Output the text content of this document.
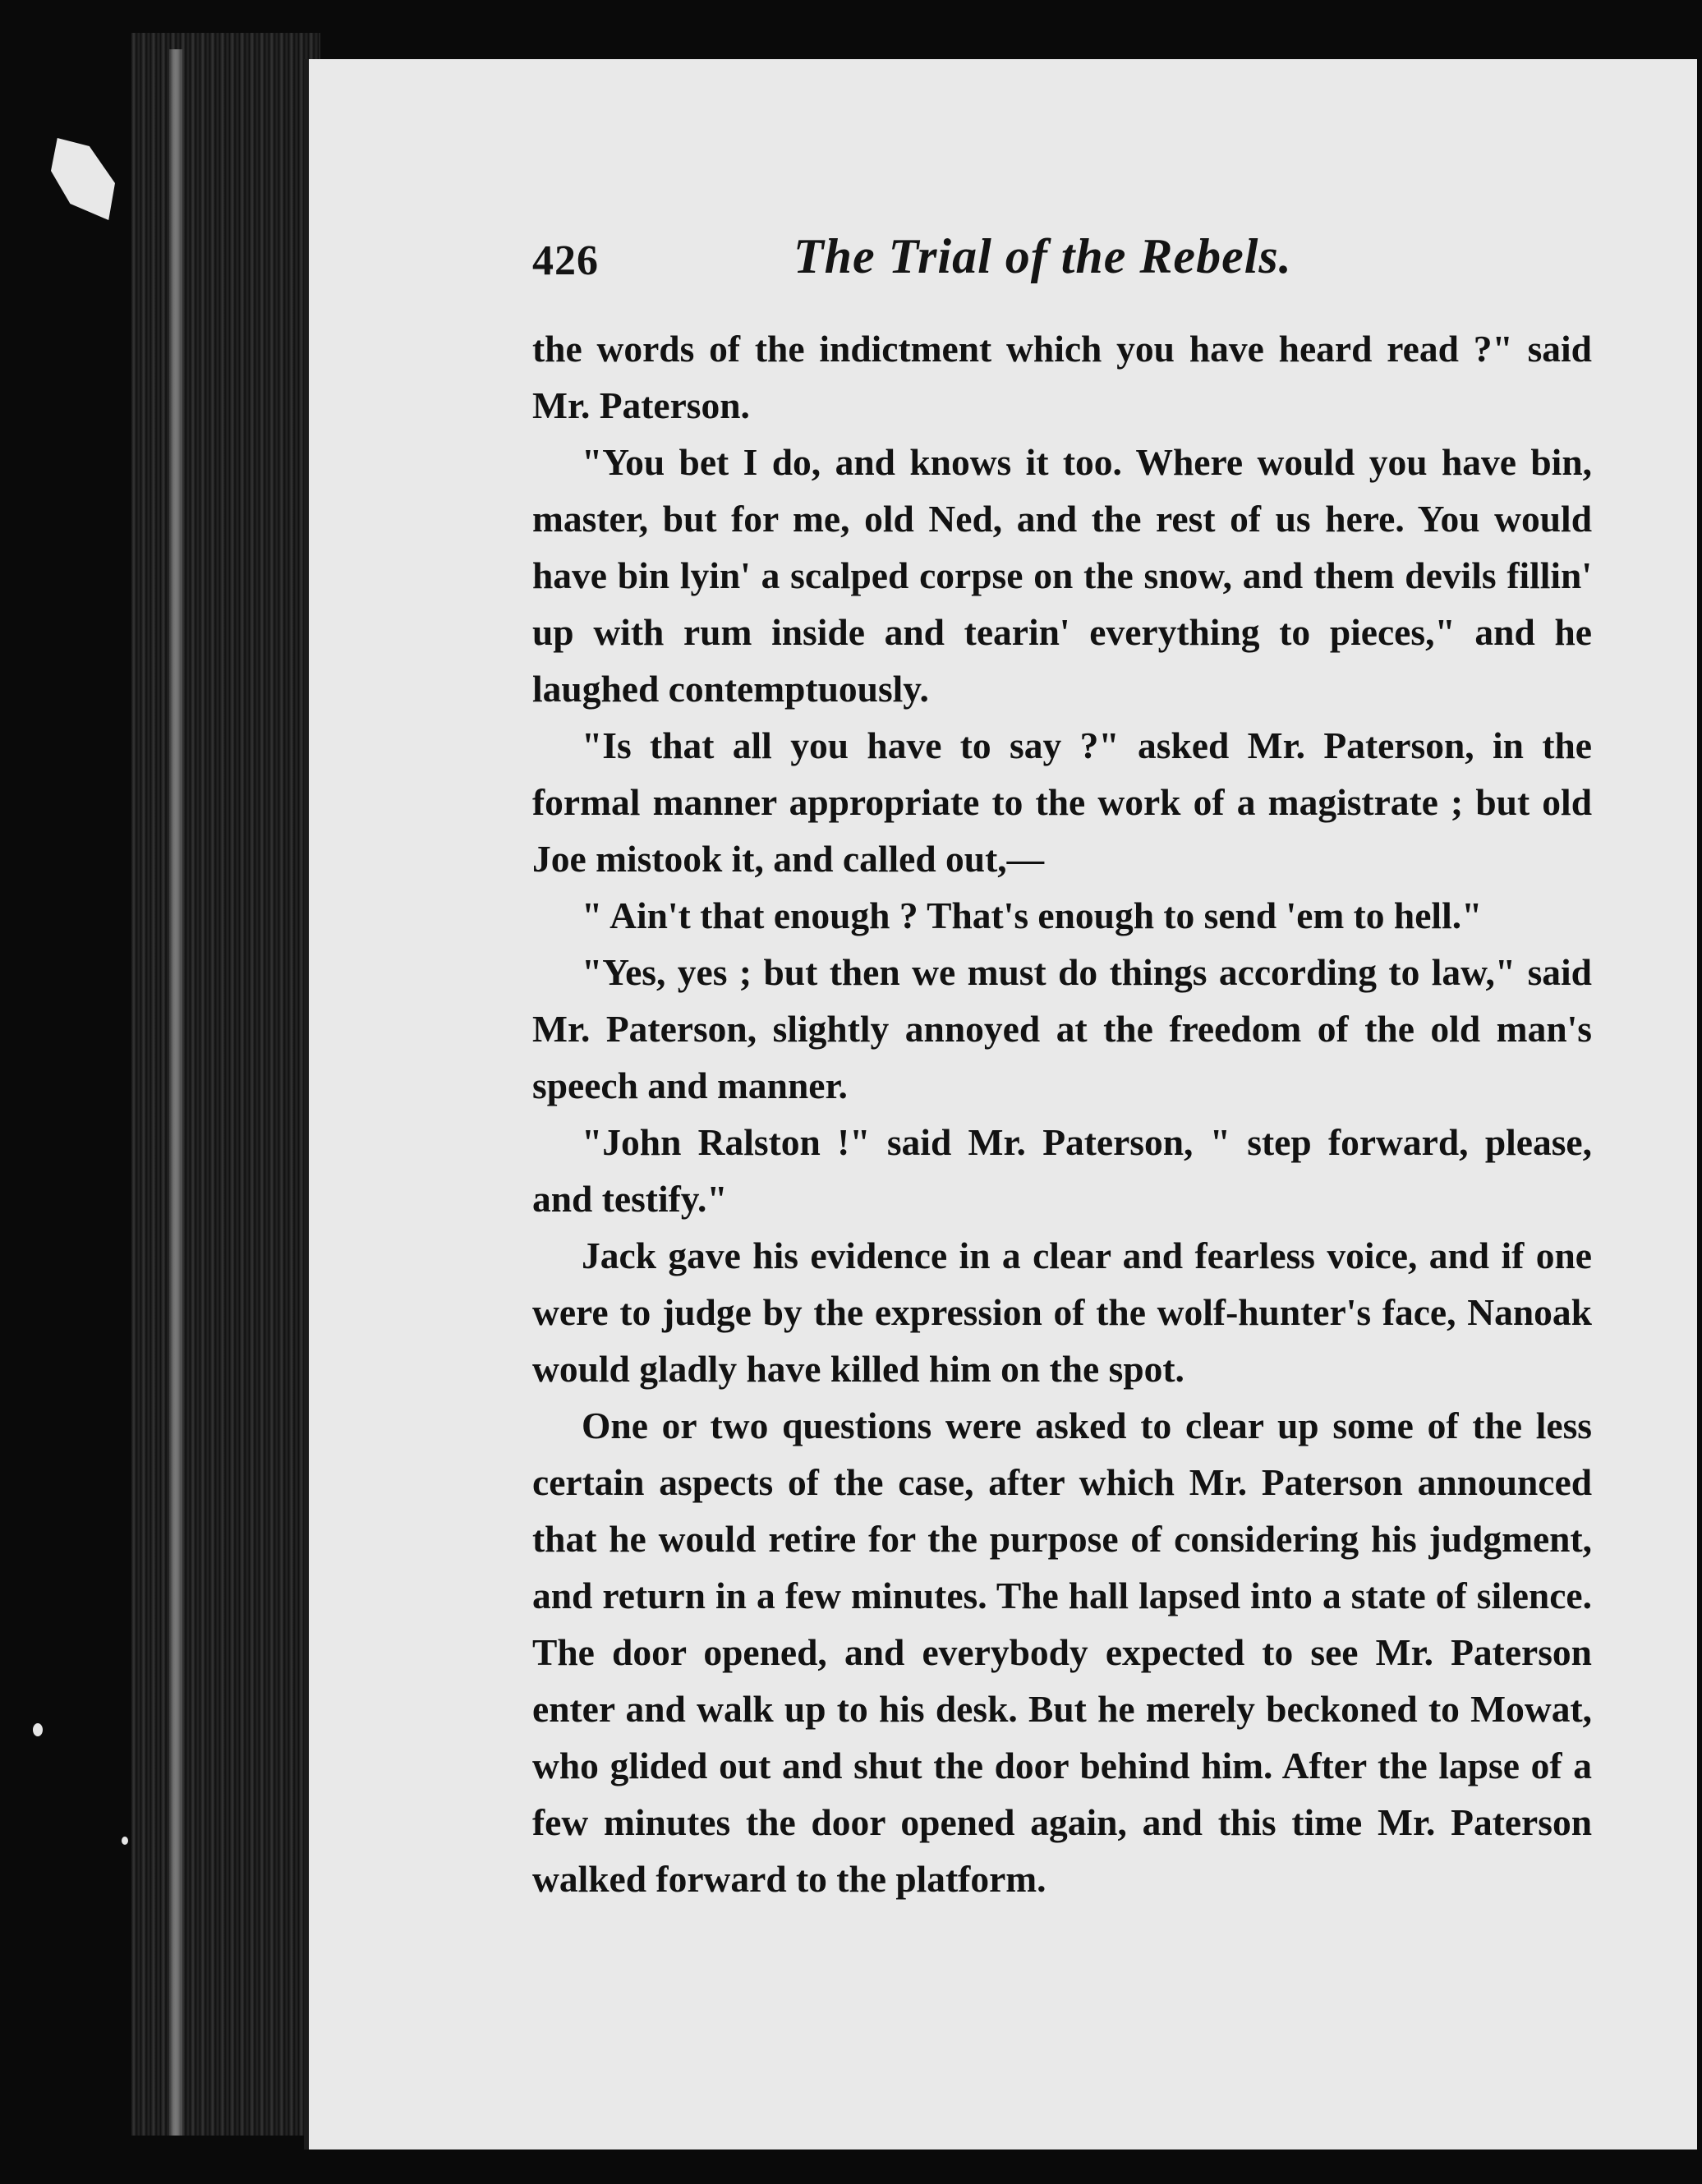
426	The Trial of the Rebels.

the words of the indictment which you have heard read ?" said Mr. Paterson.

"You bet I do, and knows it too. Where would you have bin, master, but for me, old Ned, and the rest of us here. You would have bin lyin' a scalped corpse on the snow, and them devils fillin' up with rum inside and tearin' everything to pieces," and he laughed contemptuously.

"Is that all you have to say ?" asked Mr. Paterson, in the formal manner appropriate to the work of a magistrate ; but old Joe mistook it, and called out,—

" Ain't that enough ? That's enough to send 'em to hell."

"Yes, yes ; but then we must do things according to law," said Mr. Paterson, slightly annoyed at the freedom of the old man's speech and manner.

"John Ralston !" said Mr. Paterson, " step forward, please, and testify."

Jack gave his evidence in a clear and fearless voice, and if one were to judge by the expression of the wolf-hunter's face, Nanoak would gladly have killed him on the spot.

One or two questions were asked to clear up some of the less certain aspects of the case, after which Mr. Paterson announced that he would retire for the purpose of considering his judgment, and return in a few minutes. The hall lapsed into a state of silence. The door opened, and everybody expected to see Mr. Paterson enter and walk up to his desk. But he merely beckoned to Mowat, who glided out and shut the door behind him. After the lapse of a few minutes the door opened again, and this time Mr. Paterson walked forward to the platform.
